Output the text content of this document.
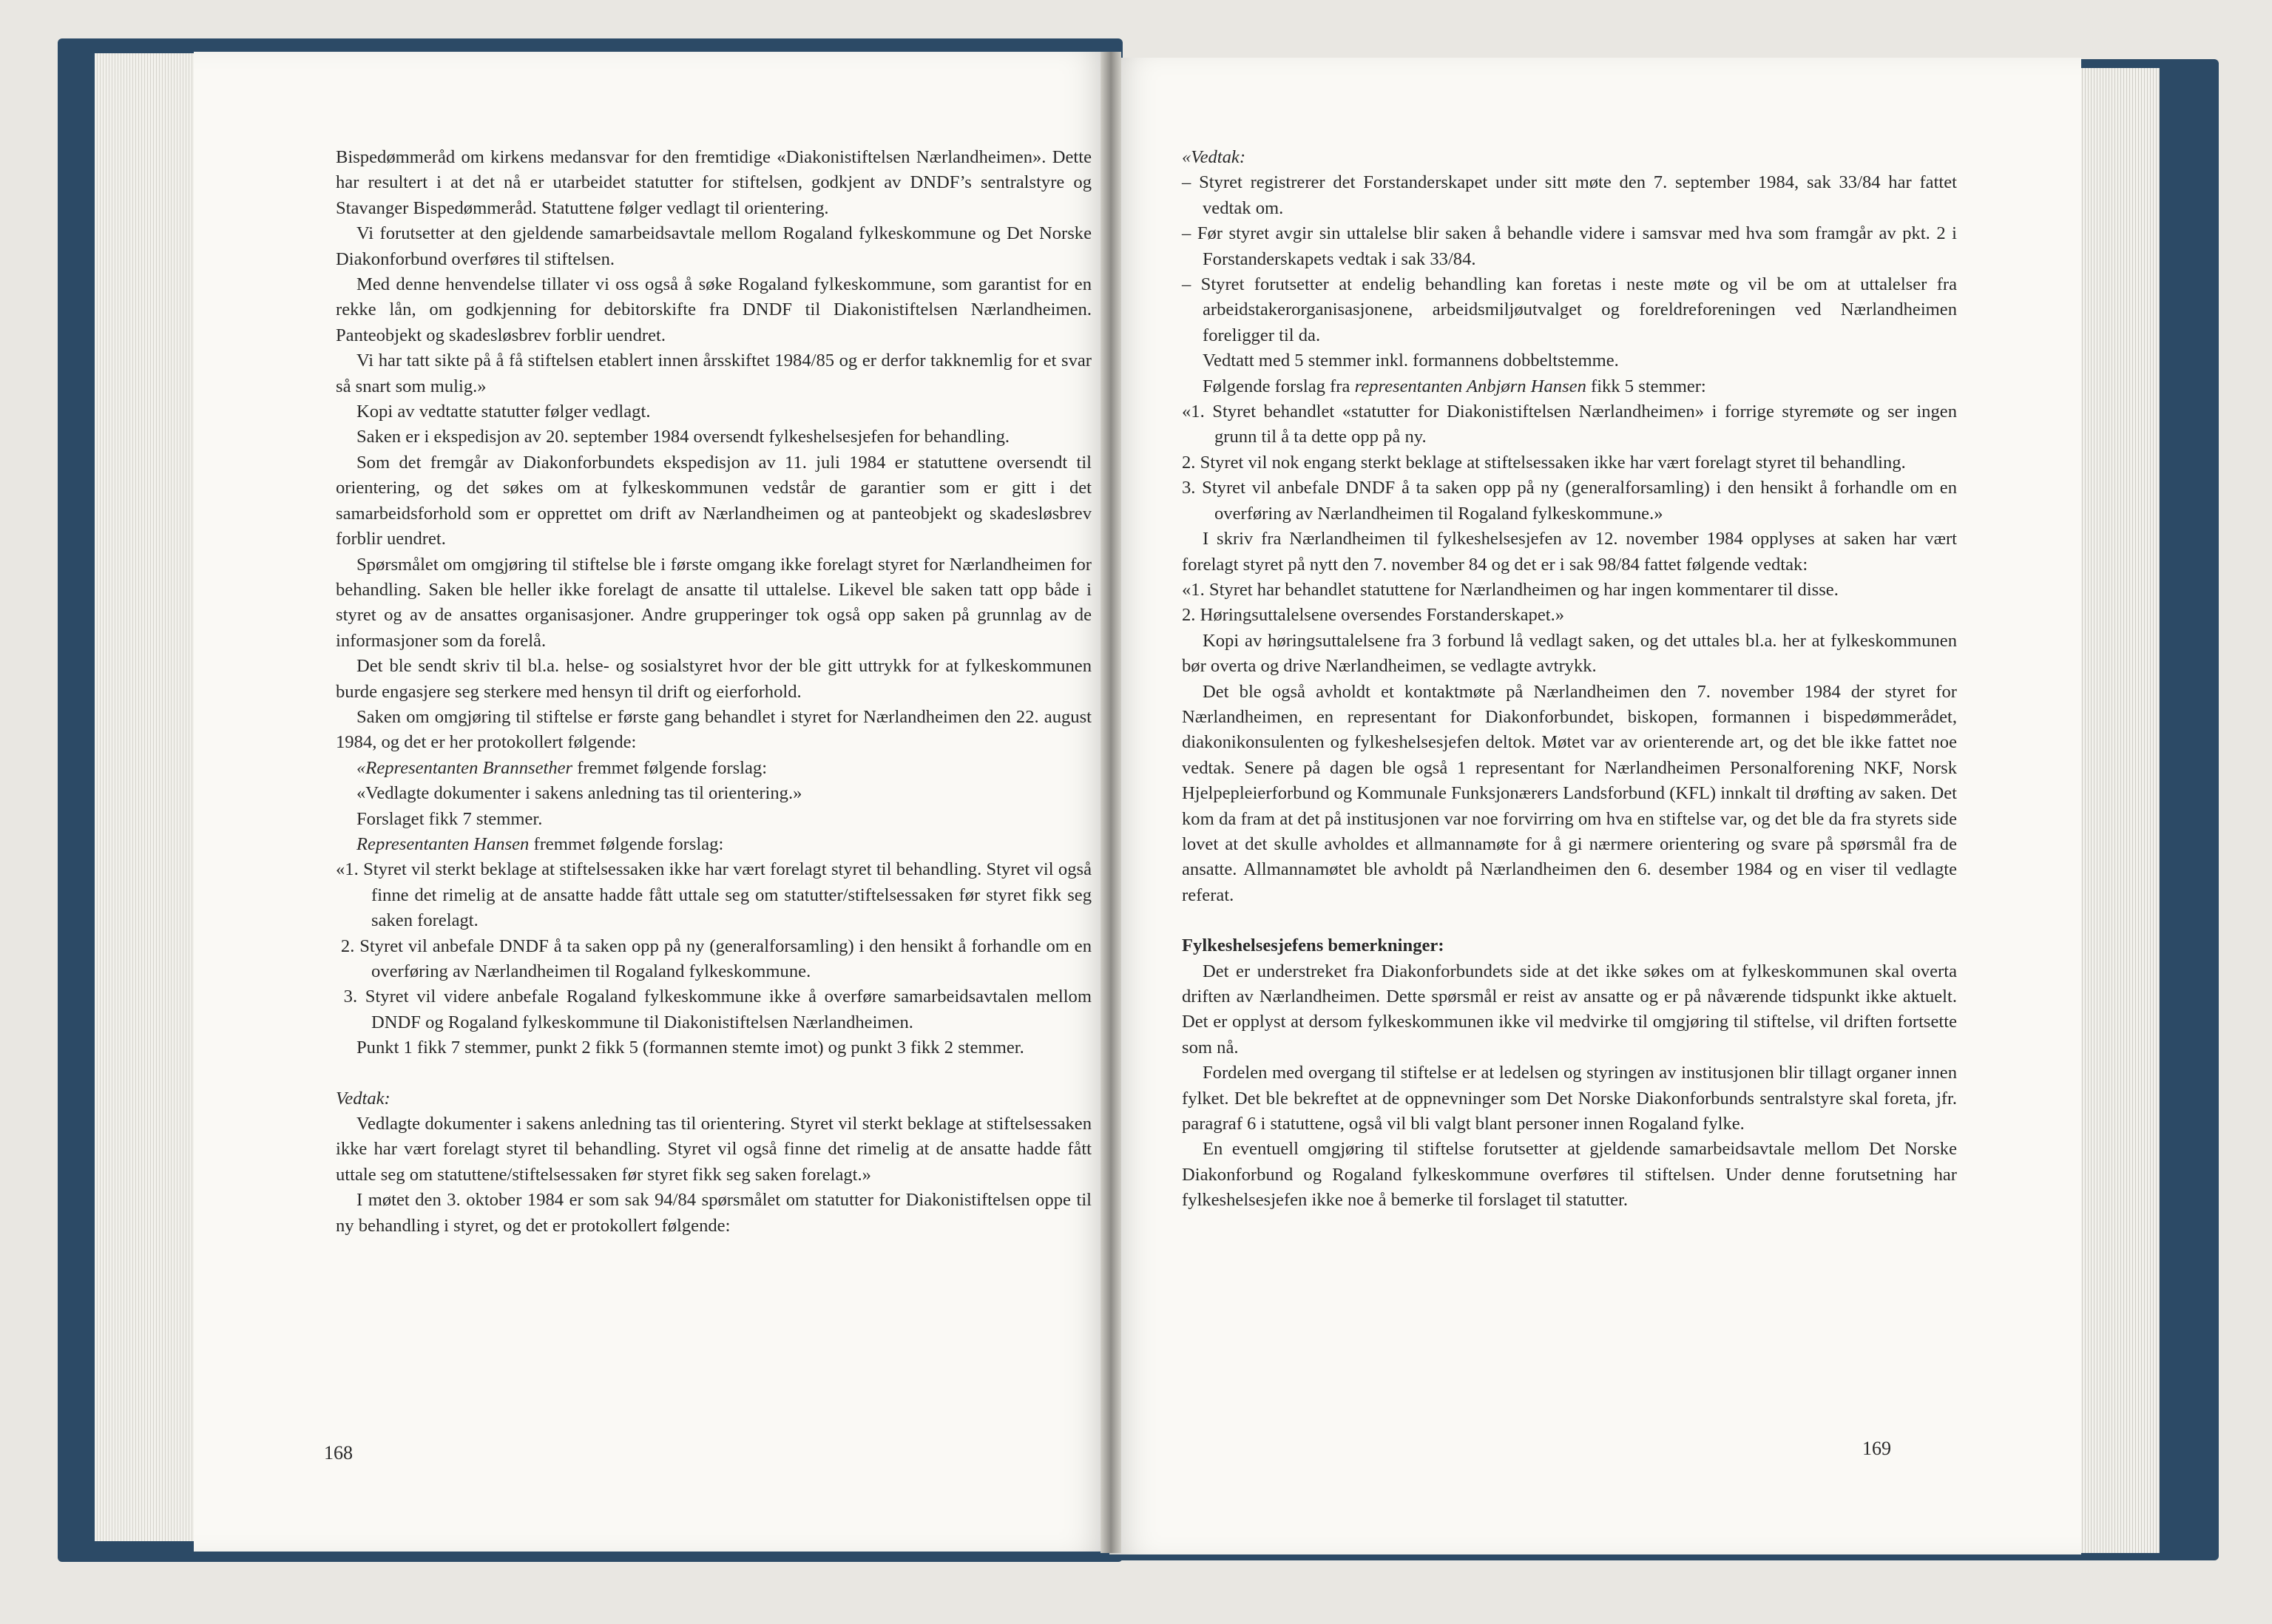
Bispedømmeråd om kirkens medansvar for den fremtidige «Diakonistiftelsen Nærlandheimen». Dette har resultert i at det nå er utarbeidet statutter for stiftelsen, godkjent av DNDF’s sentralstyre og Stavanger Bispedømmeråd. Statuttene følger vedlagt til orientering.

Vi forutsetter at den gjeldende samarbeidsavtale mellom Rogaland fylkeskommune og Det Norske Diakonforbund overføres til stiftelsen.

Med denne henvendelse tillater vi oss også å søke Rogaland fylkeskommune, som garantist for en rekke lån, om godkjenning for debitorskifte fra DNDF til Diakonistiftelsen Nærlandheimen. Panteobjekt og skadesløsbrev forblir uendret.

Vi har tatt sikte på å få stiftelsen etablert innen årsskiftet 1984/85 og er derfor takknemlig for et svar så snart som mulig.»

Kopi av vedtatte statutter følger vedlagt.

Saken er i ekspedisjon av 20. september 1984 oversendt fylkeshelsesjefen for behandling.

Som det fremgår av Diakonforbundets ekspedisjon av 11. juli 1984 er statuttene oversendt til orientering, og det søkes om at fylkeskommunen vedstår de garantier som er gitt i det samarbeidsforhold som er opprettet om drift av Nærlandheimen og at panteobjekt og skadesløsbrev forblir uendret.

Spørsmålet om omgjøring til stiftelse ble i første omgang ikke forelagt styret for Nærlandheimen for behandling. Saken ble heller ikke forelagt de ansatte til uttalelse. Likevel ble saken tatt opp både i styret og av de ansattes organisasjoner. Andre grupperinger tok også opp saken på grunnlag av de informasjoner som da forelå.

Det ble sendt skriv til bl.a. helse- og sosialstyret hvor der ble gitt uttrykk for at fylkeskommunen burde engasjere seg sterkere med hensyn til drift og eierforhold.

Saken om omgjøring til stiftelse er første gang behandlet i styret for Nærlandheimen den 22. august 1984, og det er her protokollert følgende:

«Representanten Brannsether fremmet følgende forslag:

«Vedlagte dokumenter i sakens anledning tas til orientering.»

Forslaget fikk 7 stemmer.

Representanten Hansen fremmet følgende forslag:

«1. Styret vil sterkt beklage at stiftelsessaken ikke har vært forelagt styret til behandling. Styret vil også finne det rimelig at de ansatte hadde fått uttale seg om statutter/stiftelsessaken før styret fikk seg saken forelagt.

2. Styret vil anbefale DNDF å ta saken opp på ny (generalforsamling) i den hensikt å forhandle om en overføring av Nærlandheimen til Rogaland fylkeskommune.

3. Styret vil videre anbefale Rogaland fylkeskommune ikke å overføre samarbeidsavtalen mellom DNDF og Rogaland fylkeskommune til Diakonistiftelsen Nærlandheimen.

Punkt 1 fikk 7 stemmer, punkt 2 fikk 5 (formannen stemte imot) og punkt 3 fikk 2 stemmer.

Vedtak:

Vedlagte dokumenter i sakens anledning tas til orientering. Styret vil sterkt beklage at stiftelsessaken ikke har vært forelagt styret til behandling. Styret vil også finne det rimelig at de ansatte hadde fått uttale seg om statuttene/stiftelsessaken før styret fikk seg saken forelagt.»

I møtet den 3. oktober 1984 er som sak 94/84 spørsmålet om statutter for Diakonistiftelsen oppe til ny behandling i styret, og det er protokollert følgende:

168

«Vedtak:

– Styret registrerer det Forstanderskapet under sitt møte den 7. september 1984, sak 33/84 har fattet vedtak om.

– Før styret avgir sin uttalelse blir saken å behandle videre i samsvar med hva som framgår av pkt. 2 i Forstanderskapets vedtak i sak 33/84.

– Styret forutsetter at endelig behandling kan foretas i neste møte og vil be om at uttalelser fra arbeidstakerorganisasjonene, arbeidsmiljøutvalget og foreldreforeningen ved Nærlandheimen foreligger til da.

Vedtatt med 5 stemmer inkl. formannens dobbeltstemme.

Følgende forslag fra representanten Anbjørn Hansen fikk 5 stemmer:

«1. Styret behandlet «statutter for Diakonistiftelsen Nærlandheimen» i forrige styremøte og ser ingen grunn til å ta dette opp på ny.

2. Styret vil nok engang sterkt beklage at stiftelsessaken ikke har vært forelagt styret til behandling.

3. Styret vil anbefale DNDF å ta saken opp på ny (generalforsamling) i den hensikt å forhandle om en overføring av Nærlandheimen til Rogaland fylkeskommune.»

I skriv fra Nærlandheimen til fylkeshelsesjefen av 12. november 1984 opplyses at saken har vært forelagt styret på nytt den 7. november 84 og det er i sak 98/84 fattet følgende vedtak:

«1. Styret har behandlet statuttene for Nærlandheimen og har ingen kommentarer til disse.

2. Høringsuttalelsene oversendes Forstanderskapet.»

Kopi av høringsuttalelsene fra 3 forbund lå vedlagt saken, og det uttales bl.a. her at fylkeskommunen bør overta og drive Nærlandheimen, se vedlagte avtrykk.

Det ble også avholdt et kontaktmøte på Nærlandheimen den 7. november 1984 der styret for Nærlandheimen, en representant for Diakonforbundet, biskopen, formannen i bispedømmerådet, diakonikonsulenten og fylkeshelsesjefen deltok. Møtet var av orienterende art, og det ble ikke fattet noe vedtak. Senere på dagen ble også 1 representant for Nærlandheimen Personalforening NKF, Norsk Hjelpepleierforbund og Kommunale Funksjonærers Landsforbund (KFL) innkalt til drøfting av saken. Det kom da fram at det på institusjonen var noe forvirring om hva en stiftelse var, og det ble da fra styrets side lovet at det skulle avholdes et allmannamøte for å gi nærmere orientering og svare på spørsmål fra de ansatte. Allmannamøtet ble avholdt på Nærlandheimen den 6. desember 1984 og en viser til vedlagte referat.

Fylkeshelsesjefens bemerkninger:

Det er understreket fra Diakonforbundets side at det ikke søkes om at fylkeskommunen skal overta driften av Nærlandheimen. Dette spørsmål er reist av ansatte og er på nåværende tidspunkt ikke aktuelt. Det er opplyst at dersom fylkeskommunen ikke vil medvirke til omgjøring til stiftelse, vil driften fortsette som nå.

Fordelen med overgang til stiftelse er at ledelsen og styringen av institusjonen blir tillagt organer innen fylket. Det ble bekreftet at de oppnevninger som Det Norske Diakonforbunds sentralstyre skal foreta, jfr. paragraf 6 i statuttene, også vil bli valgt blant personer innen Rogaland fylke.

En eventuell omgjøring til stiftelse forutsetter at gjeldende samarbeidsavtale mellom Det Norske Diakonforbund og Rogaland fylkeskommune overføres til stiftelsen. Under denne forutsetning har fylkeshelsesjefen ikke noe å bemerke til forslaget til statutter.

169
